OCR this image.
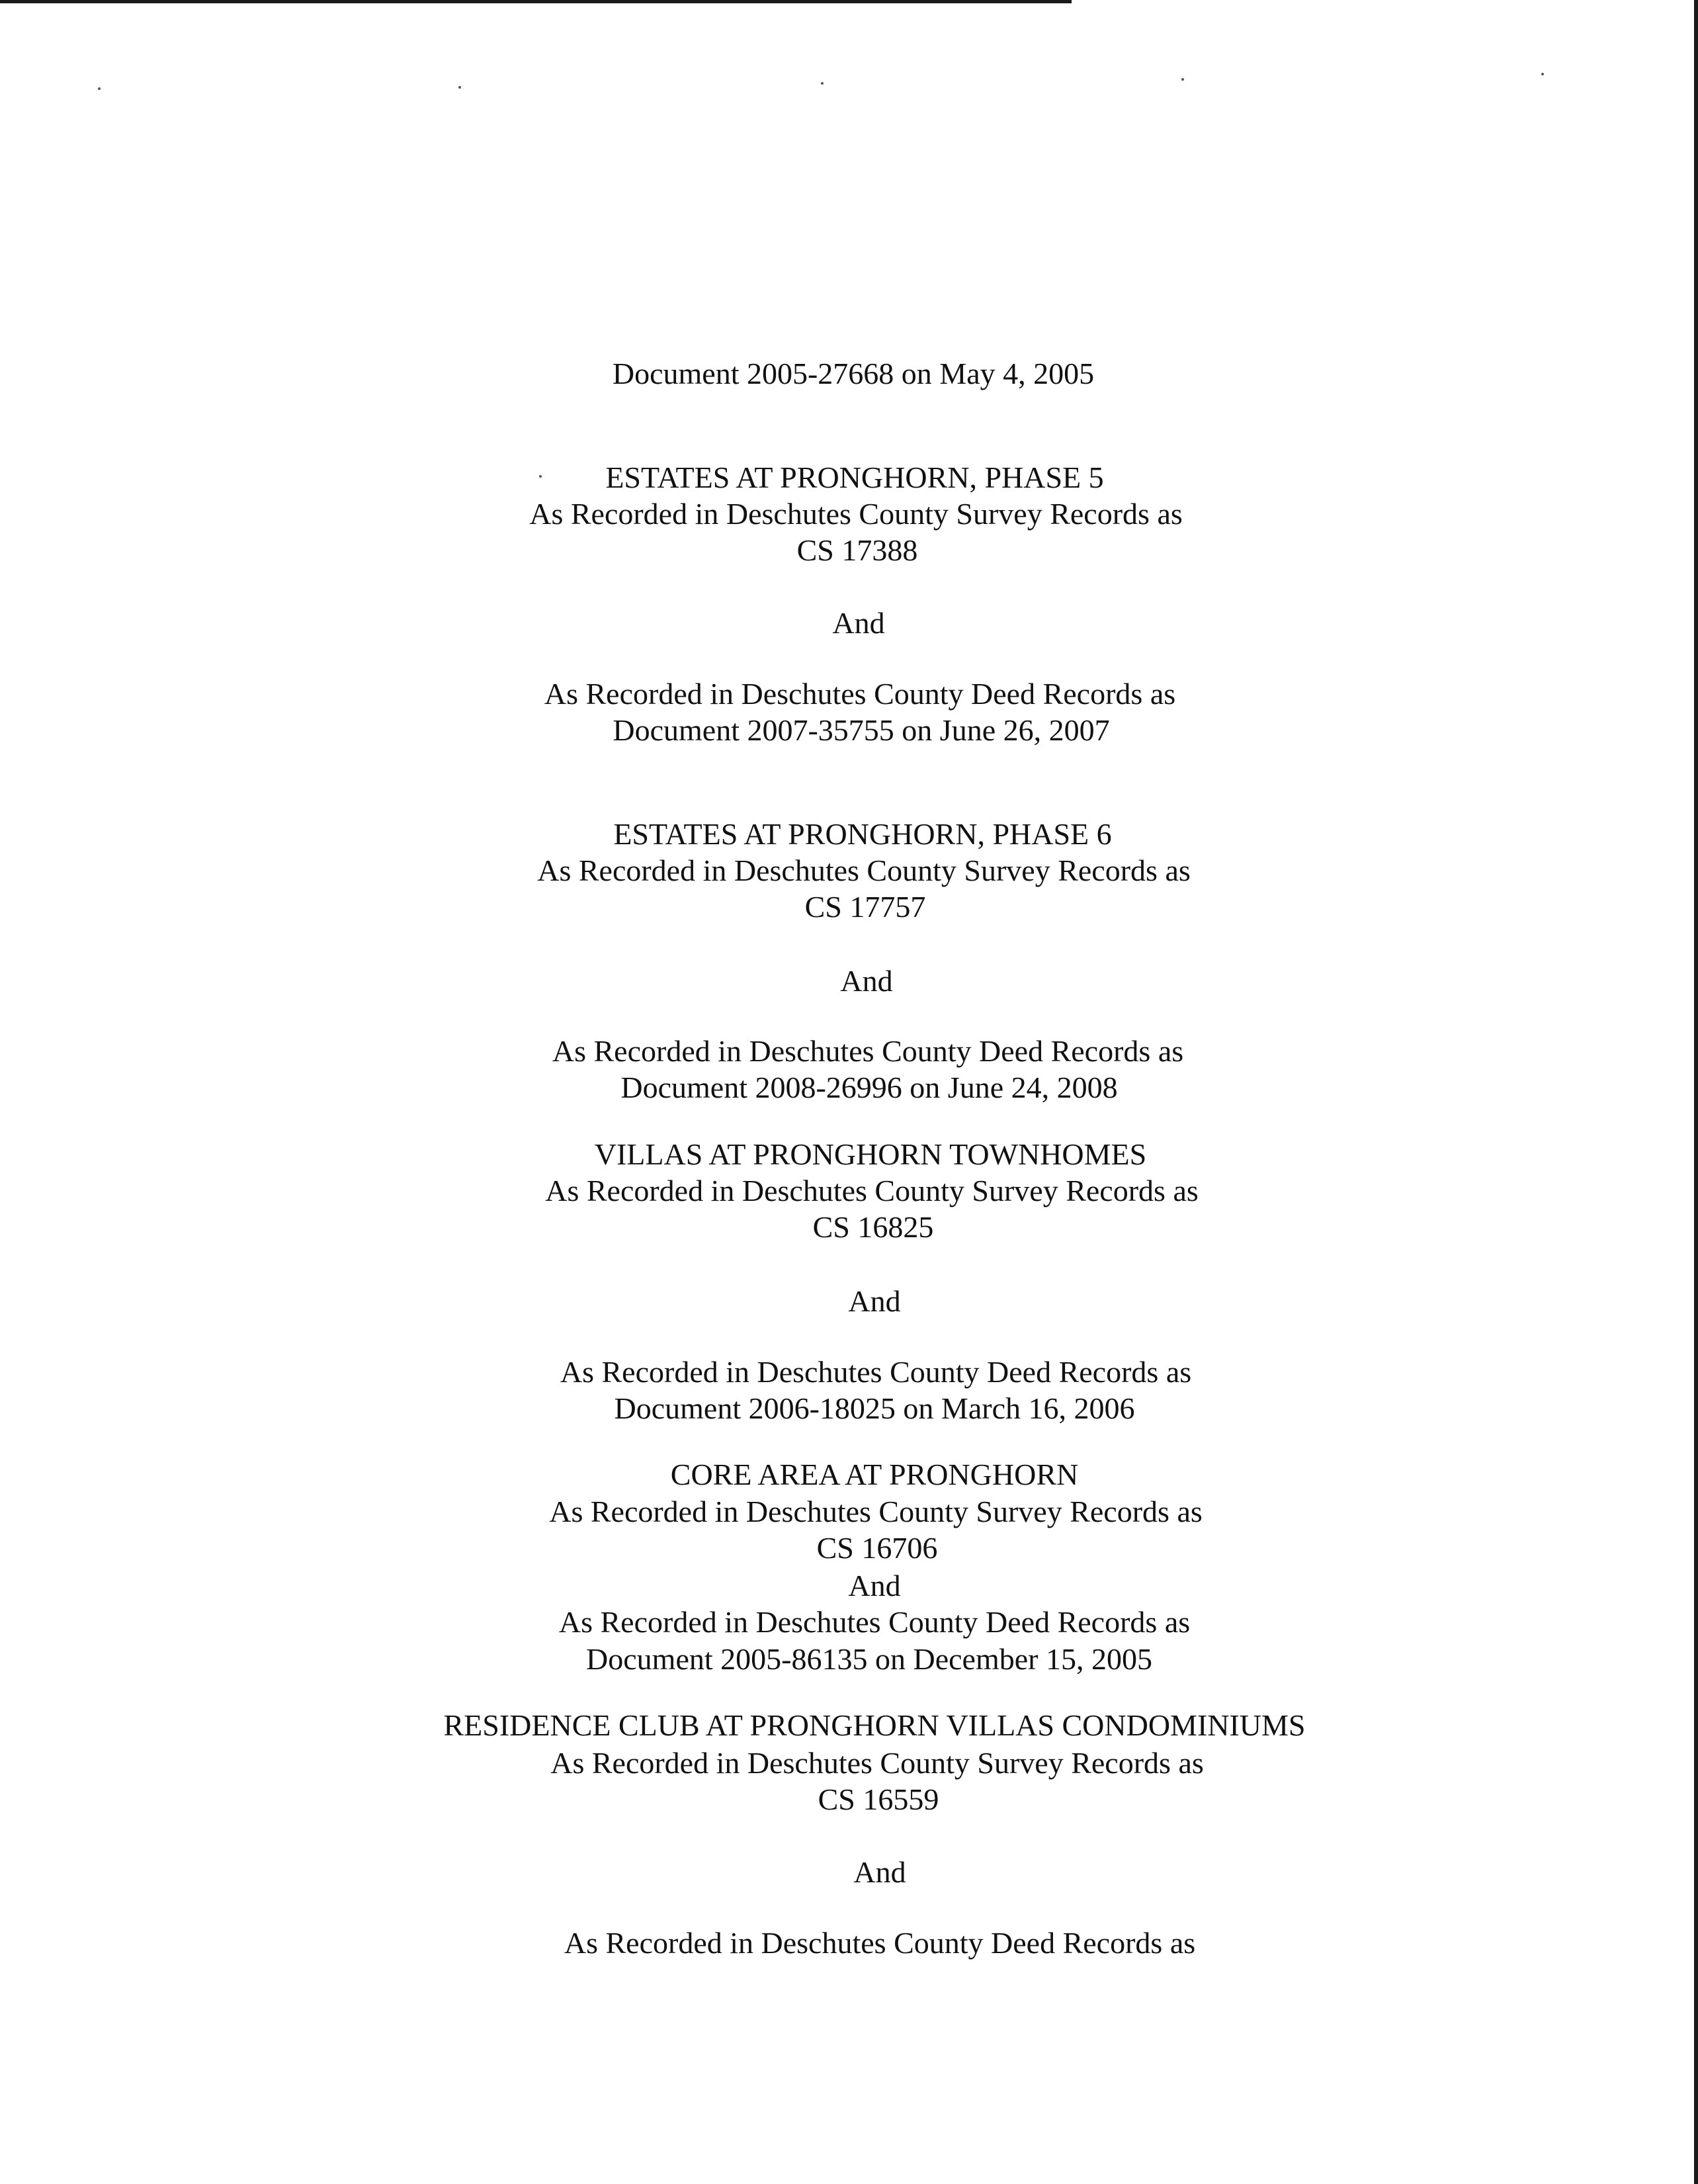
Document 2005-27668 on May 4, 2005
ESTATES AT PRONGHORN, PHASE 5
As Recorded in Deschutes County Survey Records as
CS 17388
And
As Recorded in Deschutes County Deed Records as
Document 2007-35755 on June 26, 2007
ESTATES AT PRONGHORN, PHASE 6
As Recorded in Deschutes County Survey Records as
CS 17757
And
As Recorded in Deschutes County Deed Records as
Document 2008-26996 on June 24, 2008
VILLAS AT PRONGHORN TOWNHOMES
As Recorded in Deschutes County Survey Records as
CS 16825
And
As Recorded in Deschutes County Deed Records as
Document 2006-18025 on March 16, 2006
CORE AREA AT PRONGHORN
As Recorded in Deschutes County Survey Records as
CS 16706
And
As Recorded in Deschutes County Deed Records as
Document 2005-86135 on December 15, 2005
RESIDENCE CLUB AT PRONGHORN VILLAS CONDOMINIUMS
As Recorded in Deschutes County Survey Records as
CS 16559
And
As Recorded in Deschutes County Deed Records as
